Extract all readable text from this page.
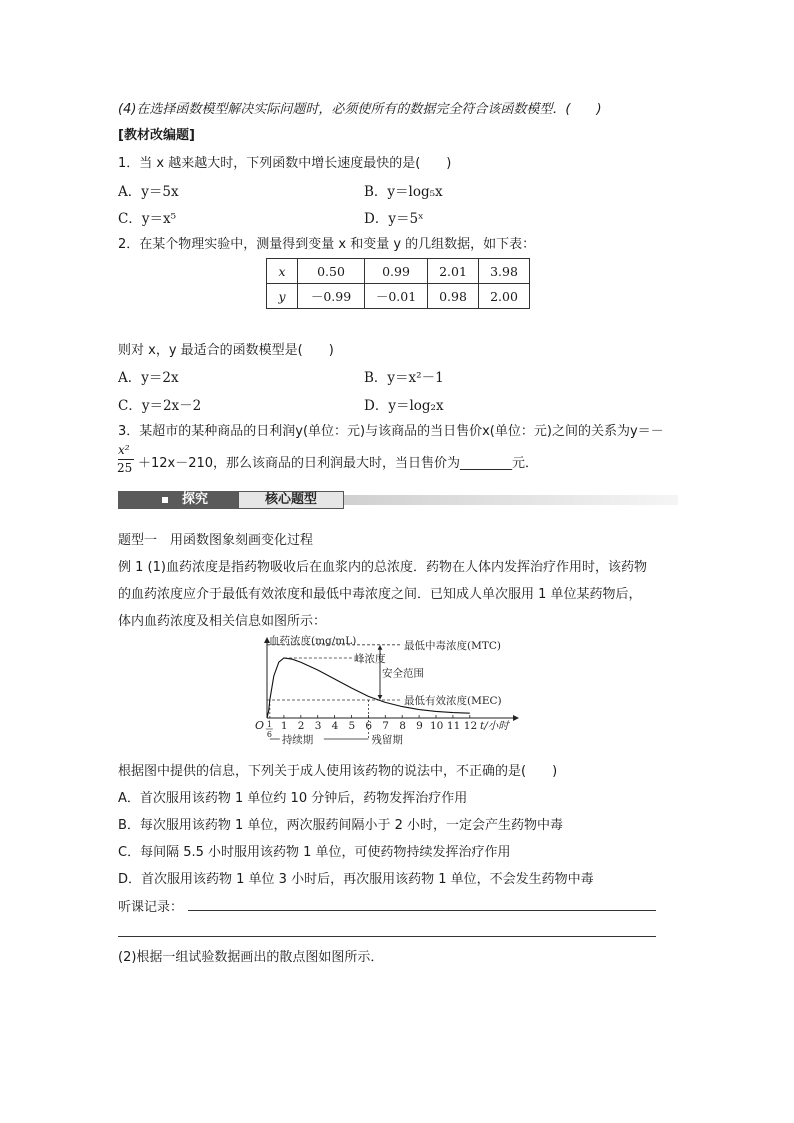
(4)在选择函数模型解决实际问题时，必须使所有的数据完全符合该函数模型．(　　)
[教材改编题]
1．当 x 越来越大时，下列函数中增长速度最快的是(　　)
A．y＝5x	B．y＝log₅x
C．y＝x⁵	D．y＝5ˣ
2．在某个物理实验中，测量得到变量 x 和变量 y 的几组数据，如下表：
x	0.50	0.99	2.01	3.98
y	－0.99	－0.01	0.98	2.00
则对 x，y 最适合的函数模型是(　　)
A．y＝2x	B．y＝x²－1
C．y＝2x－2	D．y＝log₂x
3．某超市的某种商品的日利润y(单位：元)与该商品的当日售价x(单位：元)之间的关系为y＝－
x²
25 ＋12x－210，那么该商品的日利润最大时，当日售价为________元．
探究	核心题型
题型一　用函数图象刻画变化过程
例 1 (1)血药浓度是指药物吸收后在血浆内的总浓度．药物在人体内发挥治疗作用时，该药物
的血药浓度应介于最低有效浓度和最低中毒浓度之间．已知成人单次服用 1 单位某药物后，
体内血药浓度及相关信息如图所示：
血药浓度(mg/mL)
O
最低中毒浓度(MTC)
最低有效浓度(MEC)
安全范围
峰浓度
1 2 3 4 5 6 7 8 9 10 11 12 t/小时
1
6 持续期	残留期
根据图中提供的信息，下列关于成人使用该药物的说法中，不正确的是(　　)
A．首次服用该药物 1 单位约 10 分钟后，药物发挥治疗作用
B．每次服用该药物 1 单位，两次服药间隔小于 2 小时，一定会产生药物中毒
C．每间隔 5.5 小时服用该药物 1 单位，可使药物持续发挥治疗作用
D．首次服用该药物 1 单位 3 小时后，再次服用该药物 1 单位，不会发生药物中毒
听课记录：
(2)根据一组试验数据画出的散点图如图所示．
